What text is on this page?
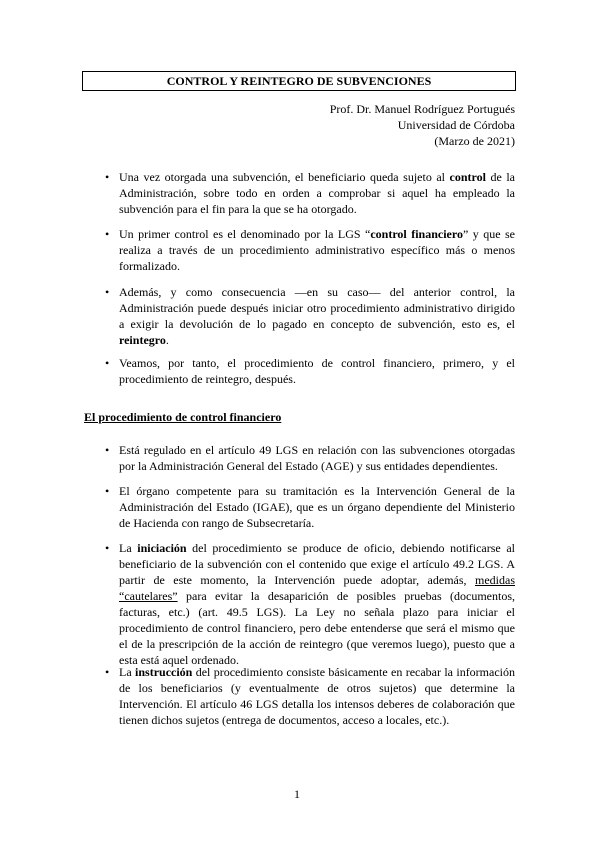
CONTROL Y REINTEGRO DE SUBVENCIONES
Prof. Dr. Manuel Rodríguez Portugués
Universidad de Córdoba
(Marzo de 2021)
• Una vez otorgada una subvención, el beneficiario queda sujeto al control de la Administración, sobre todo en orden a comprobar si aquel ha empleado la subvención para el fin para la que se ha otorgado.
• Un primer control es el denominado por la LGS “control financiero” y que se realiza a través de un procedimiento administrativo específico más o menos formalizado.
• Además, y como consecuencia —en su caso— del anterior control, la Administración puede después iniciar otro procedimiento administrativo dirigido a exigir la devolución de lo pagado en concepto de subvención, esto es, el reintegro.
• Veamos, por tanto, el procedimiento de control financiero, primero, y el procedimiento de reintegro, después.
El procedimiento de control financiero
• Está regulado en el artículo 49 LGS en relación con las subvenciones otorgadas por la Administración General del Estado (AGE) y sus entidades dependientes.
• El órgano competente para su tramitación es la Intervención General de la Administración del Estado (IGAE), que es un órgano dependiente del Ministerio de Hacienda con rango de Subsecretaría.
• La iniciación del procedimiento se produce de oficio, debiendo notificarse al beneficiario de la subvención con el contenido que exige el artículo 49.2 LGS. A partir de este momento, la Intervención puede adoptar, además, medidas “cautelares” para evitar la desaparición de posibles pruebas (documentos, facturas, etc.) (art. 49.5 LGS). La Ley no señala plazo para iniciar el procedimiento de control financiero, pero debe entenderse que será el mismo que el de la prescripción de la acción de reintegro (que veremos luego), puesto que a esta está aquel ordenado.
• La instrucción del procedimiento consiste básicamente en recabar la información de los beneficiarios (y eventualmente de otros sujetos) que determine la Intervención. El artículo 46 LGS detalla los intensos deberes de colaboración que tienen dichos sujetos (entrega de documentos, acceso a locales, etc.).
1
